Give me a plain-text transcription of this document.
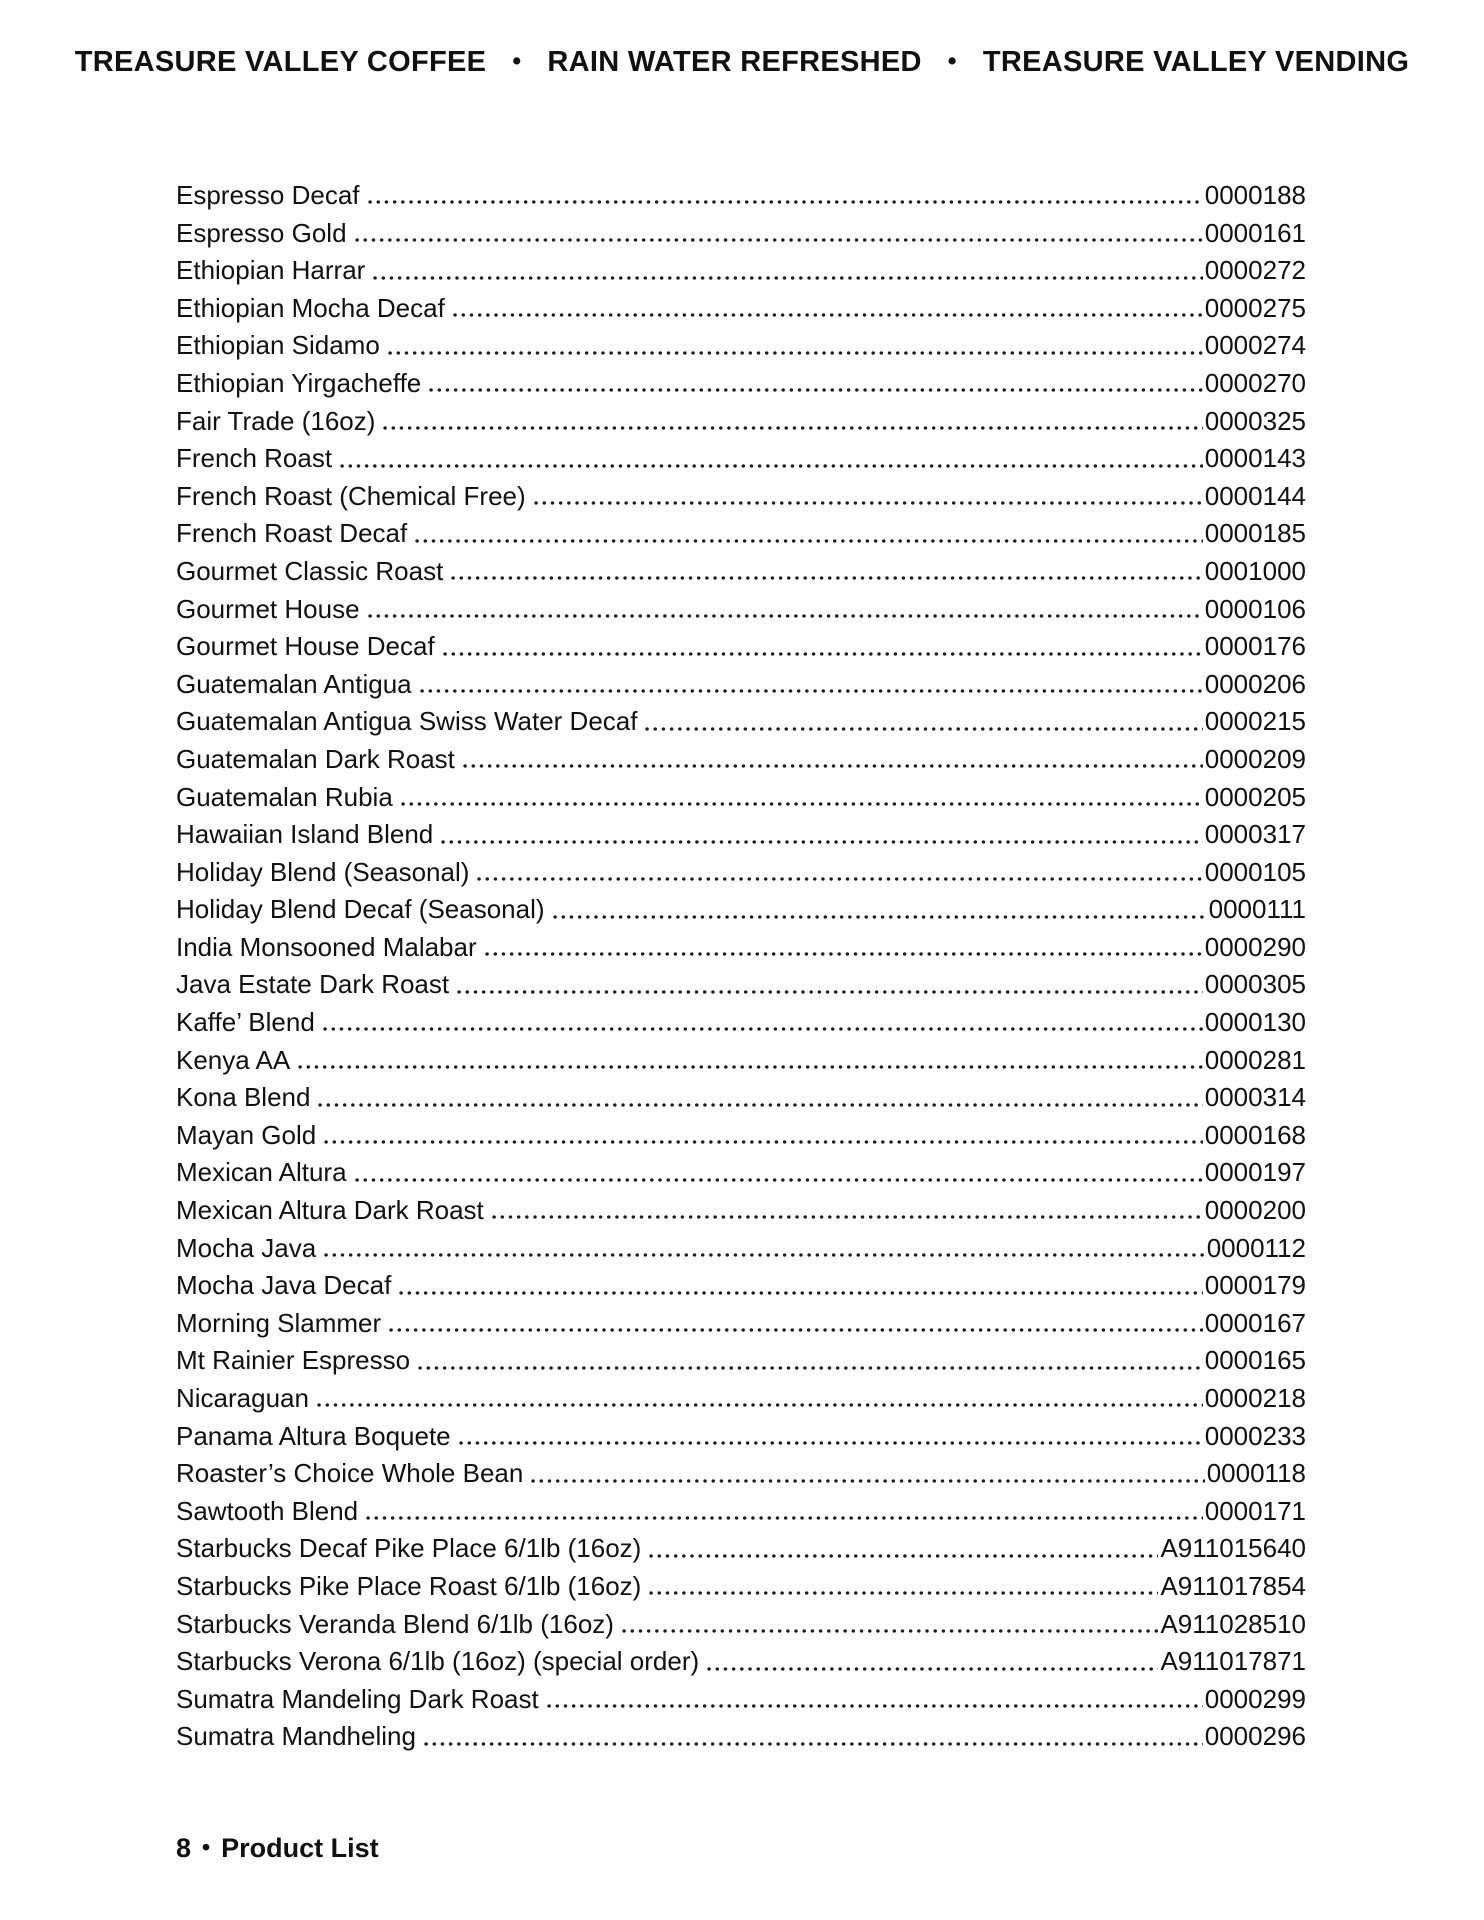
TREASURE VALLEY COFFEE • RAIN WATER REFRESHED • TREASURE VALLEY VENDING
Espresso Decaf	0000188
Espresso Gold	0000161
Ethiopian Harrar	0000272
Ethiopian Mocha Decaf	0000275
Ethiopian Sidamo	0000274
Ethiopian Yirgacheffe	0000270
Fair Trade (16oz)	0000325
French Roast	0000143
French Roast (Chemical Free)	0000144
French Roast Decaf	0000185
Gourmet Classic Roast	0001000
Gourmet House	0000106
Gourmet House Decaf	0000176
Guatemalan Antigua	0000206
Guatemalan Antigua Swiss Water Decaf	0000215
Guatemalan Dark Roast	0000209
Guatemalan Rubia	0000205
Hawaiian Island Blend	0000317
Holiday Blend (Seasonal)	0000105
Holiday Blend Decaf (Seasonal)	0000111
India Monsooned Malabar	0000290
Java Estate Dark Roast	0000305
Kaffe’ Blend	0000130
Kenya AA	0000281
Kona Blend	0000314
Mayan Gold	0000168
Mexican Altura	0000197
Mexican Altura Dark Roast	0000200
Mocha Java	0000112
Mocha Java Decaf	0000179
Morning Slammer	0000167
Mt Rainier Espresso	0000165
Nicaraguan	0000218
Panama Altura Boquete	0000233
Roaster’s Choice Whole Bean	0000118
Sawtooth Blend	0000171
Starbucks Decaf Pike Place 6/1lb (16oz)	A911015640
Starbucks Pike Place Roast 6/1lb (16oz)	A911017854
Starbucks Veranda Blend 6/1lb (16oz)	A911028510
Starbucks Verona 6/1lb (16oz) (special order)	A911017871
Sumatra Mandeling Dark Roast	0000299
Sumatra Mandheling	0000296
8 • Product List
